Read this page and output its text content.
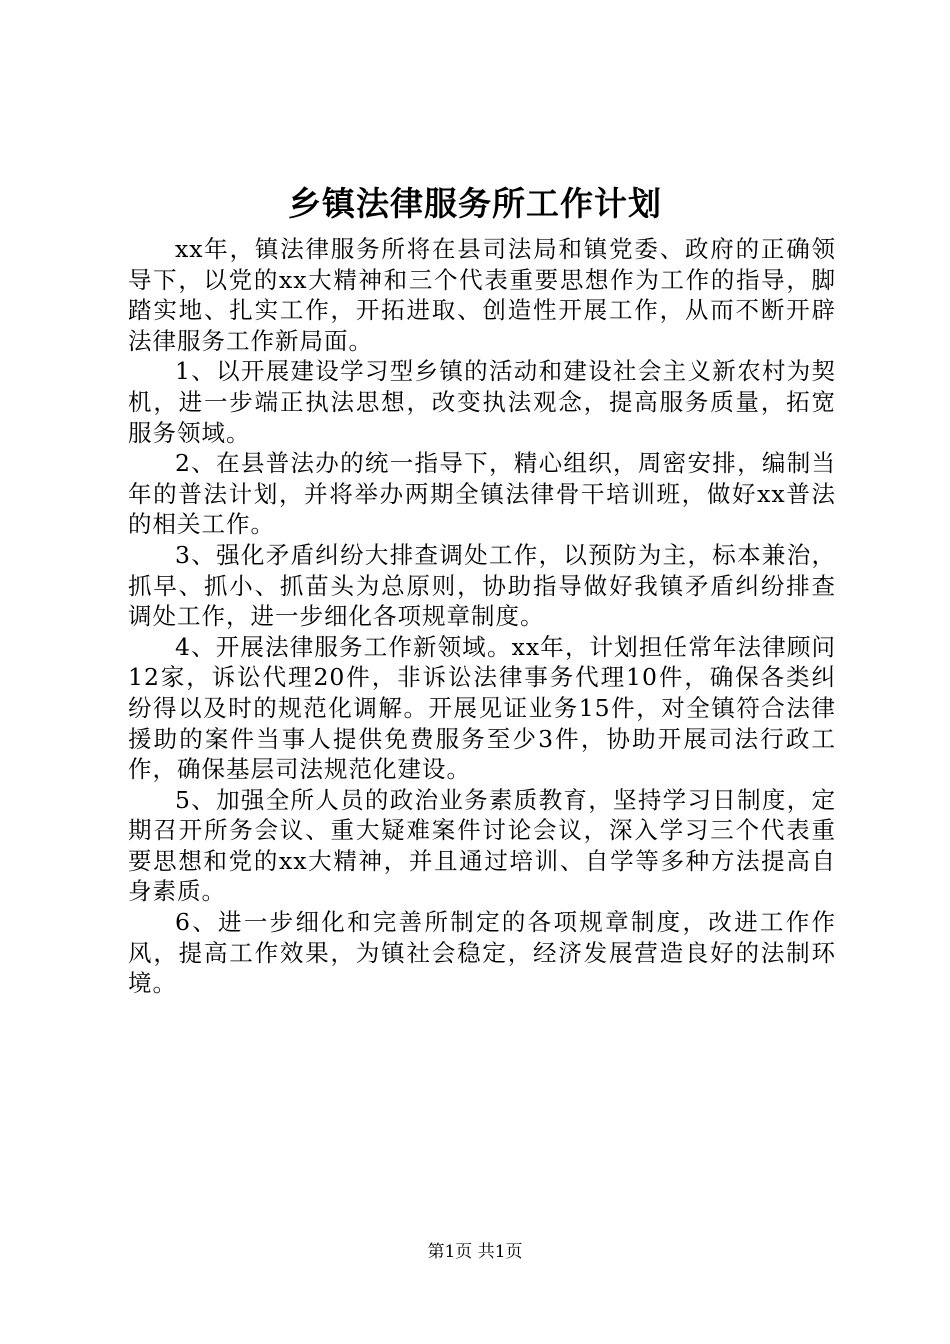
乡镇法律服务所工作计划

xx年，镇法律服务所将在县司法局和镇党委、政府的正确领导下，以党的xx大精神和三个代表重要思想作为工作的指导，脚踏实地、扎实工作，开拓进取、创造性开展工作，从而不断开辟法律服务工作新局面。

1、以开展建设学习型乡镇的活动和建设社会主义新农村为契机，进一步端正执法思想，改变执法观念，提高服务质量，拓宽服务领域。

2、在县普法办的统一指导下，精心组织，周密安排，编制当年的普法计划，并将举办两期全镇法律骨干培训班，做好xx普法的相关工作。

3、强化矛盾纠纷大排查调处工作，以预防为主，标本兼治，抓早、抓小、抓苗头为总原则，协助指导做好我镇矛盾纠纷排查调处工作，进一步细化各项规章制度。

4、开展法律服务工作新领域。xx年，计划担任常年法律顾问12家，诉讼代理20件，非诉讼法律事务代理10件，确保各类纠纷得以及时的规范化调解。开展见证业务15件，对全镇符合法律援助的案件当事人提供免费服务至少3件，协助开展司法行政工作，确保基层司法规范化建设。

5、加强全所人员的政治业务素质教育，坚持学习日制度，定期召开所务会议、重大疑难案件讨论会议，深入学习三个代表重要思想和党的xx大精神，并且通过培训、自学等多种方法提高自身素质。

6、进一步细化和完善所制定的各项规章制度，改进工作作风，提高工作效果，为镇社会稳定，经济发展营造良好的法制环境。

第1页 共1页
